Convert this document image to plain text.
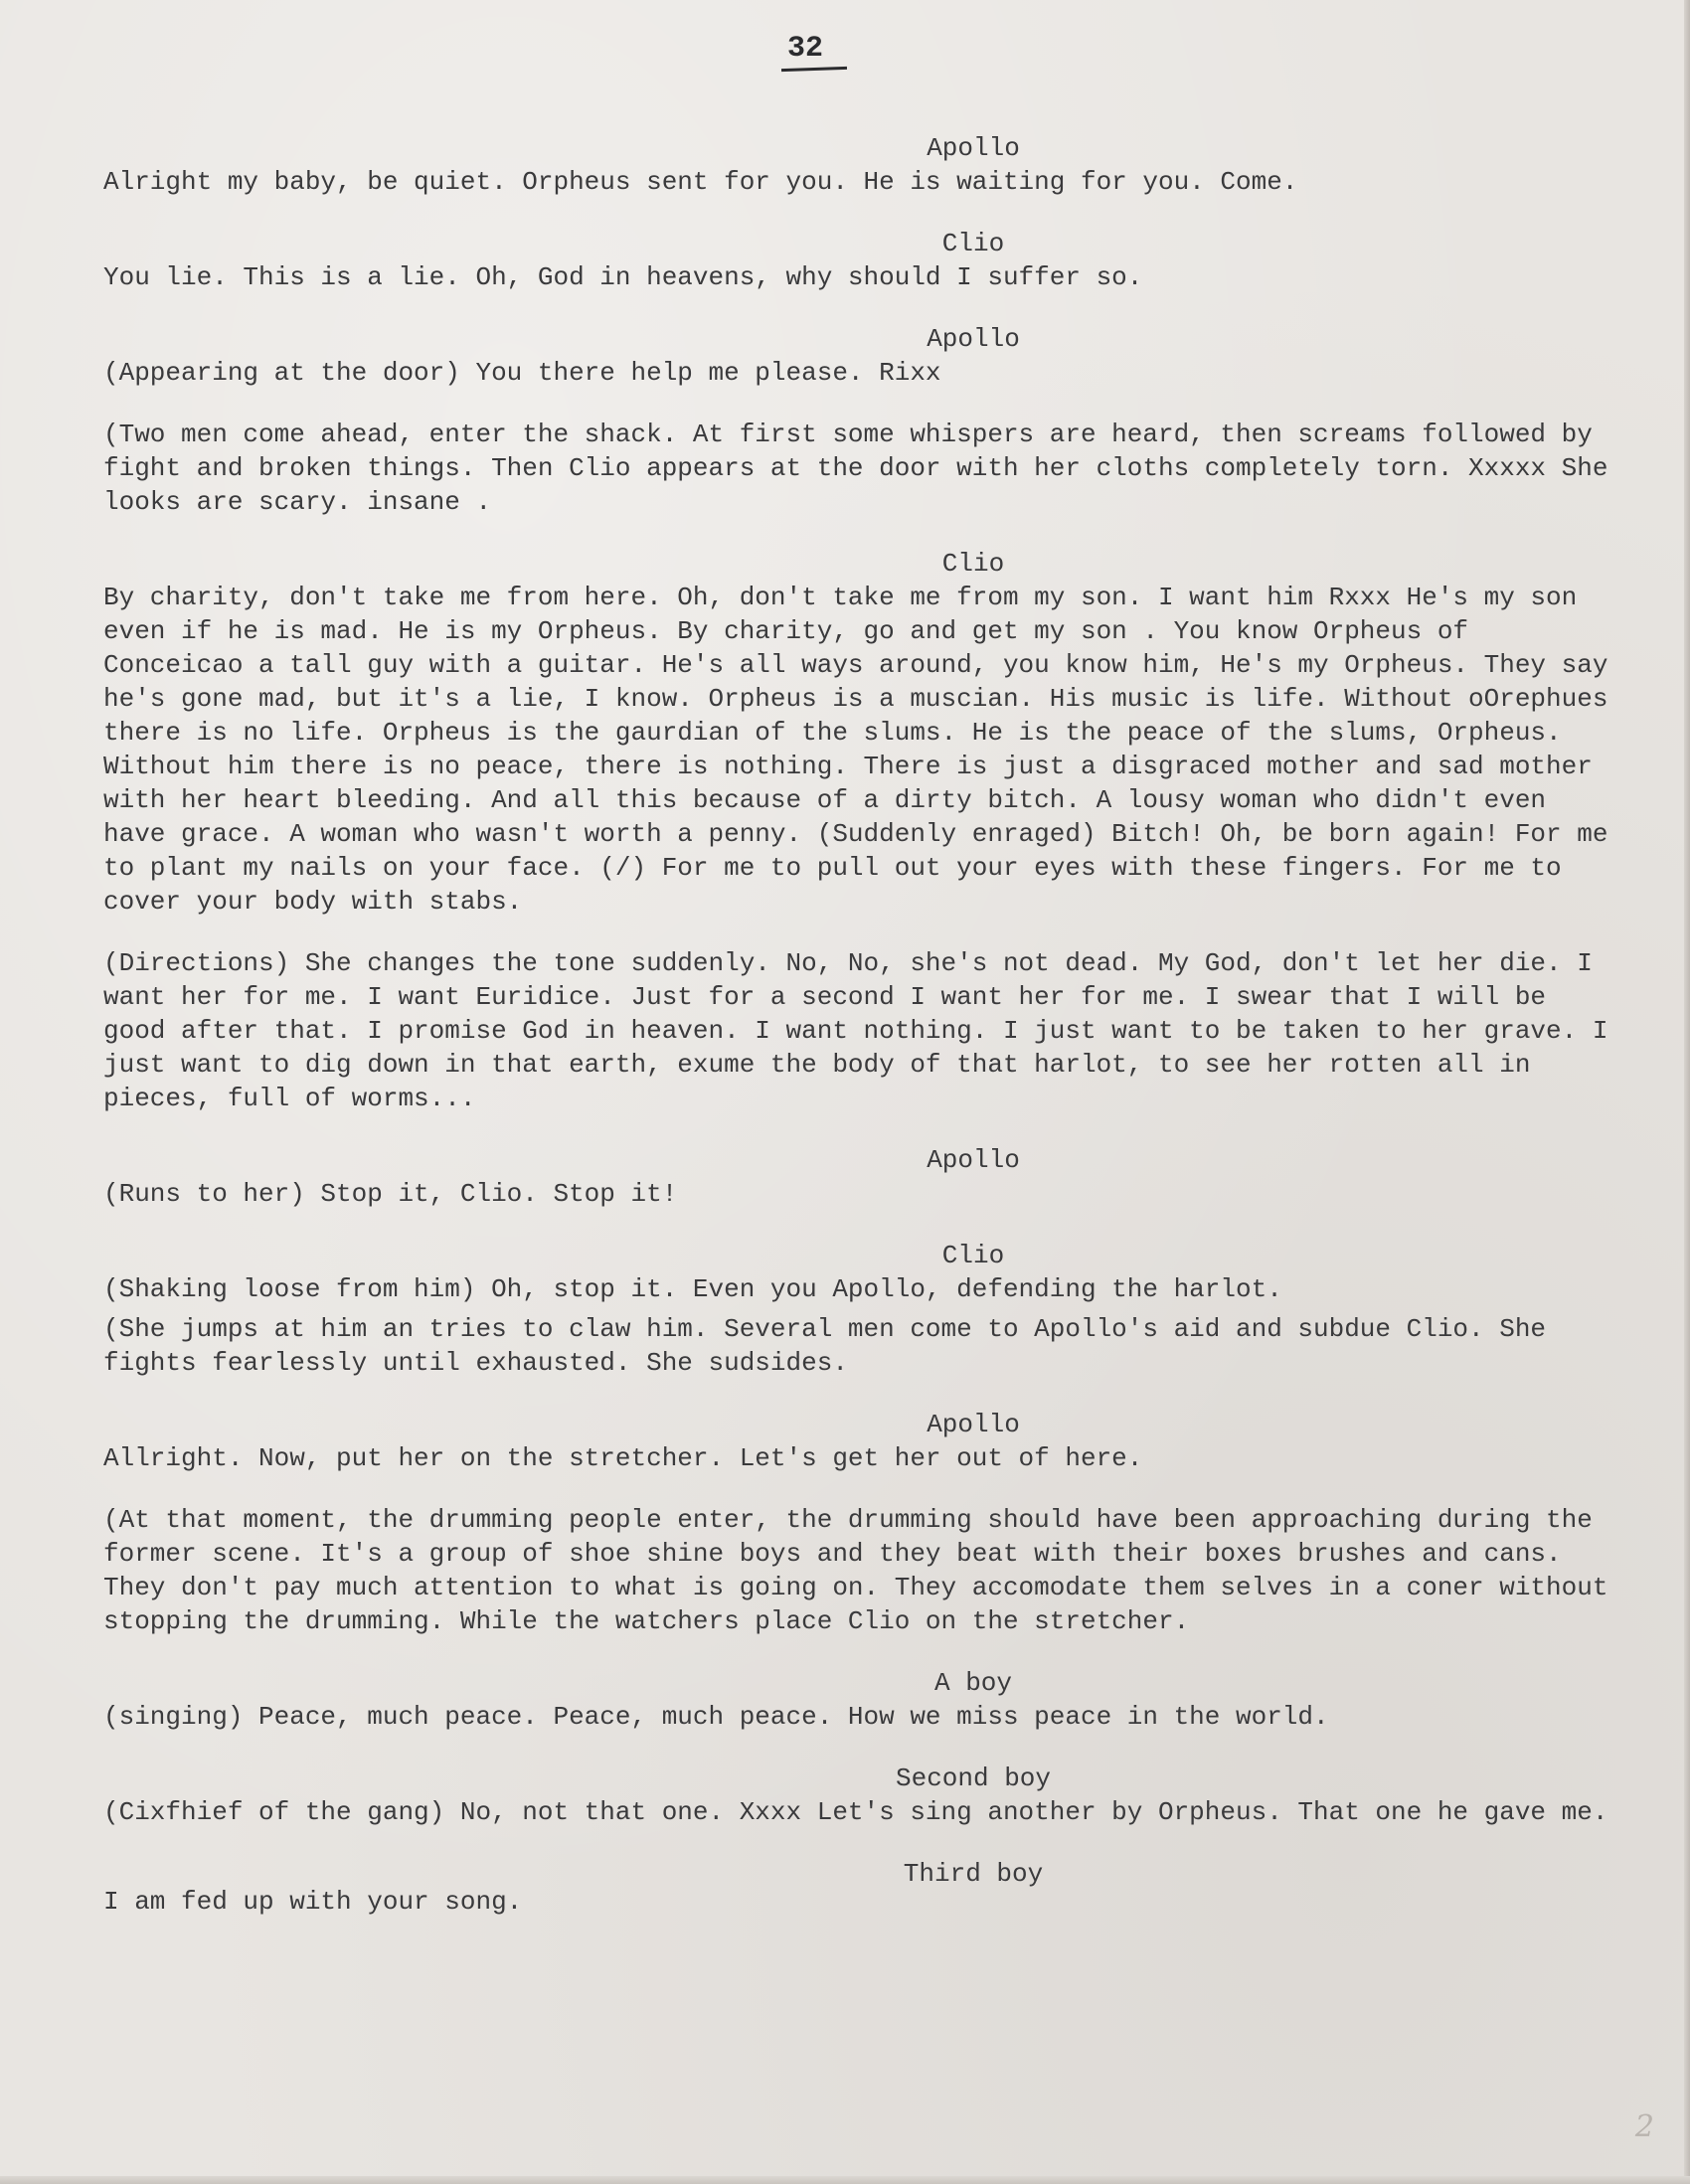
32

Apollo

Alright my baby, be quiet. Orpheus sent for you. He is waiting for you. Come.

Clio

You lie. This is a lie. Oh, God in heavens, why should I suffer so.

Apollo

(Appearing at the door) You there help me please. Rixx

(Two men come ahead, enter the shack. At first some whispers are heard, then screams followed by fight and broken things. Then Clio appears at the door with her cloths completely torn. Xxxxx She looks are scary. insane .

Clio

By charity, don't take me from here. Oh, don't take me from my son. I want him Rxxx He's my son even if he is mad. He is my Orpheus. By charity, go and get my son . You know Orpheus of Conceicao a tall guy with a guitar. He's all ways around, you know him, He's my Orpheus. They say he's gone mad, but it's a lie, I know. Orpheus is a muscian. His music is life. Without oOrephues there is no life. Orpheus is the gaurdian of the slums. He is the peace of the slums, Orpheus. Without him there is no peace, there is nothing. There is just a disgraced mother and sad mother with her heart bleeding. And all this because of a dirty bitch. A lousy woman who didn't even have grace. A woman who wasn't worth a penny. (Suddenly enraged) Bitch! Oh, be born again! For me to plant my nails on your face. (/) For me to pull out your eyes with these fingers. For me to cover your body with stabs.

(Directions) She changes the tone suddenly. No, No, she's not dead. My God, don't let her die. I want her for me. I want Euridice. Just for a second I want her for me. I swear that I will be good after that. I promise God in heaven. I want nothing. I just want to be taken to her grave. I just want to dig down in that earth, exume the body of that harlot, to see her rotten all in pieces, full of worms...

Apollo

(Runs to her) Stop it, Clio. Stop it!

Clio

(Shaking loose from him) Oh, stop it. Even you Apollo, defending the harlot.

(She jumps at him an tries to claw him. Several men come to Apollo's aid and subdue Clio. She fights fearlessly until exhausted. She sudsides.

Apollo

Allright. Now, put her on the stretcher. Let's get her out of here.

(At that moment, the drumming people enter, the drumming should have been approaching during the former scene. It's a group of shoe shine boys and they beat with their boxes brushes and cans. They don't pay much attention to what is going on. They accomodate them selves in a coner without stopping the drumming. While the watchers place Clio on the stretcher.

A boy

(singing) Peace, much peace. Peace, much peace. How we miss peace in the world.

Second boy

(Cixfhief of the gang) No, not that one. Xxxx Let's sing another by Orpheus. That one he gave me.

Third boy

I am fed up with your song.

2
